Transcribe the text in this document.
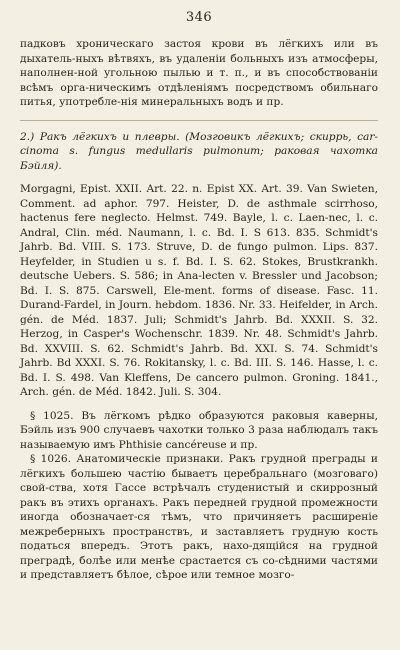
346

падковъ хроническаго застоя крови въ лёгкихъ или въ дыхатель-ныхъ вѣтвяхъ, въ удаленіи больныхъ изъ атмосферы, наполнен-ной угольною пылью и т. п., и въ способствованіи всѣмъ орга-ническимъ отдѣленіямъ посредствомъ обильнаго питья, употребле-нія минеральныхъ водъ и пр.

2.) Ракъ лёгкихъ и плевры. (Мозговикъ лёгкихъ; скиррь, car-cinoma s. fungus medullaris pulmonum; раковая чахотка Бэйля).

Morgagni, Epist. XXII. Art. 22. n. Epist XX. Art. 39. Van Swieten, Comment. ad aphor. 797. Heister, D. de asthmale scirrhoso, hactenus fere neglecto. Helmst. 749. Bayle, l. c. Laen-nec, l. c. Andral, Clin. méd. Naumann, l. c. Bd. I. S 613. 835. Schmidt's Jahrb. Bd. VIII. S. 173. Struve, D. de fungo pulmon. Lips. 837. Heyfelder, in Studien u s. f. Bd. I. S. 62. Stokes, Brustkrankh. deutsche Uebers. S. 586; in Ana-lecten v. Bressler und Jacobson; Bd. I. S. 875. Carswell, Ele-ment. forms of disease. Fasc. 11. Durand-Fardel, in Journ. hebdom. 1836. Nr. 33. Heifelder, in Arch. gén. de Méd. 1837. Juli; Schmidt's Jahrb. Bd. XXXII. S. 32. Herzog, in Casper's Wochenschr. 1839. Nr. 48. Schmidt's Jahrb. Bd. XXVIII. S. 62. Schmidt's Jahrb. Bd. XXI. S. 74. Schmidt's Jahrb. Bd XXXI. S. 76. Rokitansky, l. c. Bd. III. S. 146. Hasse, l. c. Bd. I. S. 498. Van Kleffens, De cancero pulmon. Groning. 1841., Arch. gén. de Méd. 1842. Juli. S. 304.

§ 1025. Въ лёгкомъ рѣдко образуются раковыя каверны, Бэйль изъ 900 случаевъ чахотки только 3 раза наблюдалъ такъ называемую имъ Phthisie cancéreuse и пр.

§ 1026. Анатомическіе признаки. Ракъ грудной преграды и лёгкихъ большею частію бываетъ церебральнаго (мозговаго) свой-ства, хотя Гассе встрѣчалъ студенистый и скиррозный ракъ въ этихъ органахъ. Ракъ передней грудной промежности иногда обозначает-ся тѣмъ, что причиняетъ расширеніе межреберныхъ пространствъ, и заставляетъ грудную кость податься впередъ. Этотъ ракъ, нахо-дящійся на грудной преградѣ, болѣе или менѣе срастается съ со-сѣдними частями и представляетъ бѣлое, сѣрое или темное мозго-
